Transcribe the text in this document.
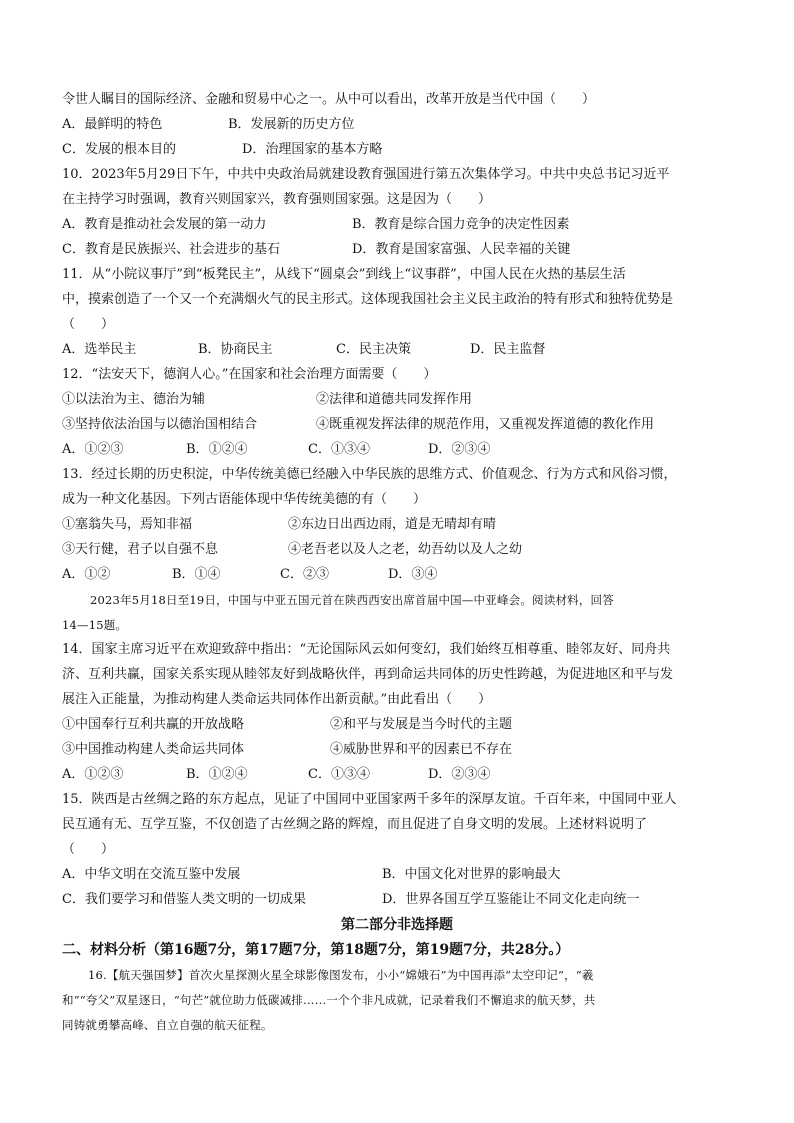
令世人瞩目的国际经济、金融和贸易中心之一。从中可以看出，改革开放是当代中国（　　）
A．最鲜明的特色	B．发展新的历史方位
C．发展的根本目的	D．治理国家的基本方略
10．2023年5月29日下午，中共中央政治局就建设教育强国进行第五次集体学习。中共中央总书记习近平
在主持学习时强调，教育兴则国家兴，教育强则国家强。这是因为（　　）
A．教育是推动社会发展的第一动力	B．教育是综合国力竞争的决定性因素
C．教育是民族振兴、社会进步的基石	D．教育是国家富强、人民幸福的关键
11．从“小院议事厅”到“板凳民主”，从线下“圆桌会”到线上“议事群”，中国人民在火热的基层生活
中，摸索创造了一个又一个充满烟火气的民主形式。这体现我国社会主义民主政治的特有形式和独特优势是
（　　）
A．选举民主	B．协商民主	C．民主决策	D．民主监督
12．“法安天下，德润人心。”在国家和社会治理方面需要（　　）
①以法治为主、德治为辅	②法律和道德共同发挥作用
③坚持依法治国与以德治国相结合	④既重视发挥法律的规范作用，又重视发挥道德的教化作用
A．①②③	B．①②④	C．①③④	D．②③④
13．经过长期的历史积淀，中华传统美德已经融入中华民族的思维方式、价值观念、行为方式和风俗习惯，
成为一种文化基因。下列古语能体现中华传统美德的有（　　）
①塞翁失马，焉知非福	②东边日出西边雨，道是无晴却有晴
③天行健，君子以自强不息	④老吾老以及人之老，幼吾幼以及人之幼
A．①②	B．①④	C．②③	D．③④
2023年5月18日至19日，中国与中亚五国元首在陕西西安出席首届中国—中亚峰会。阅读材料，回答
14—15题。
14．国家主席习近平在欢迎致辞中指出：“无论国际风云如何变幻，我们始终互相尊重、睦邻友好、同舟共
济、互利共赢，国家关系实现从睦邻友好到战略伙伴，再到命运共同体的历史性跨越，为促进地区和平与发
展注入正能量，为推动构建人类命运共同体作出新贡献。”由此看出（　　）
①中国奉行互利共赢的开放战略	②和平与发展是当今时代的主题
③中国推动构建人类命运共同体	④威胁世界和平的因素已不存在
A．①②③	B．①②④	C．①③④	D．②③④
15．陕西是古丝绸之路的东方起点，见证了中国同中亚国家两千多年的深厚友谊。千百年来，中国同中亚人
民互通有无、互学互鉴，不仅创造了古丝绸之路的辉煌，而且促进了自身文明的发展。上述材料说明了
（　　）
A．中华文明在交流互鉴中发展	B．中国文化对世界的影响最大
C．我们要学习和借鉴人类文明的一切成果	D．世界各国互学互鉴能让不同文化走向统一
第二部分非选择题
二、材料分析（第16题7分，第17题7分，第18题7分，第19题7分，共28分。）
16.【航天强国梦】首次火星探测火星全球影像图发布，小小“嫦娥石”为中国再添“太空印记”，“羲
和”“夸父”双星逐日，“句芒”就位助力低碳减排……一个个非凡成就，记录着我们不懈追求的航天梦，共
同铸就勇攀高峰、自立自强的航天征程。
